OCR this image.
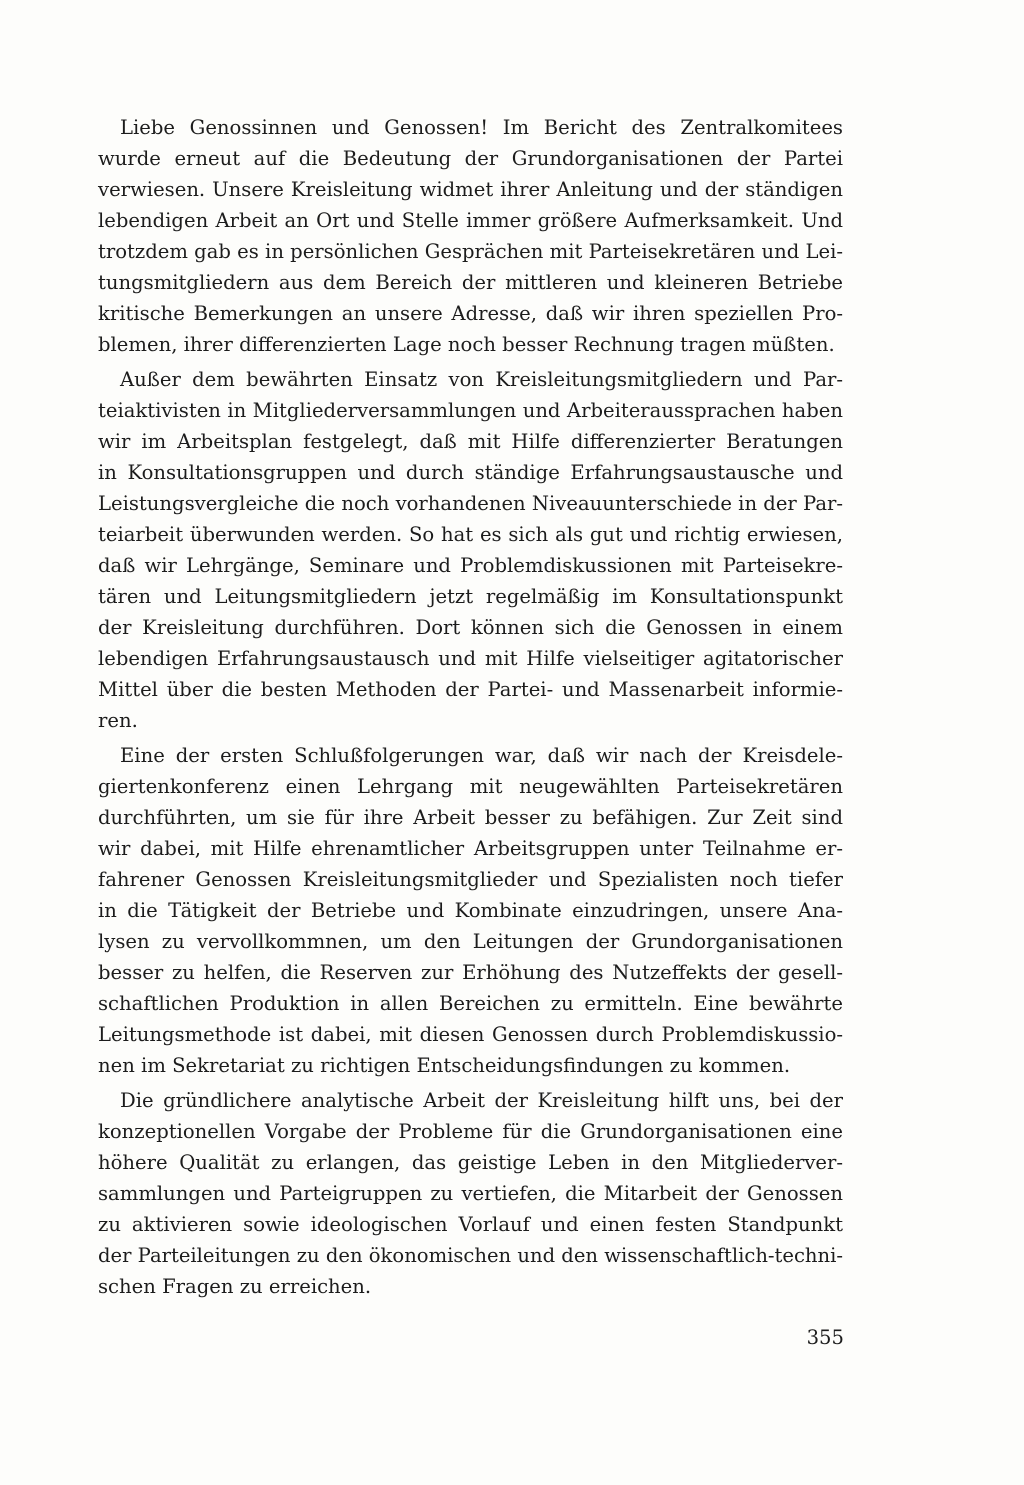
Liebe Genossinnen und Genossen! Im Bericht des Zentralkomitees
wurde erneut auf die Bedeutung der Grundorganisationen der Partei
verwiesen. Unsere Kreisleitung widmet ihrer Anleitung und der ständigen
lebendigen Arbeit an Ort und Stelle immer größere Aufmerksamkeit. Und
trotzdem gab es in persönlichen Gesprächen mit Parteisekretären und Lei-
tungsmitgliedern aus dem Bereich der mittleren und kleineren Betriebe
kritische Bemerkungen an unsere Adresse, daß wir ihren speziellen Pro-
blemen, ihrer differenzierten Lage noch besser Rechnung tragen müßten.
Außer dem bewährten Einsatz von Kreisleitungsmitgliedern und Par-
teiaktivisten in Mitgliederversammlungen und Arbeiteraussprachen haben
wir im Arbeitsplan festgelegt, daß mit Hilfe differenzierter Beratungen
in Konsultationsgruppen und durch ständige Erfahrungsaustausche und
Leistungsvergleiche die noch vorhandenen Niveauunterschiede in der Par-
teiarbeit überwunden werden. So hat es sich als gut und richtig erwiesen,
daß wir Lehrgänge, Seminare und Problemdiskussionen mit Parteisekre-
tären und Leitungsmitgliedern jetzt regelmäßig im Konsultationspunkt
der Kreisleitung durchführen. Dort können sich die Genossen in einem
lebendigen Erfahrungsaustausch und mit Hilfe vielseitiger agitatorischer
Mittel über die besten Methoden der Partei- und Massenarbeit informie-
ren.
Eine der ersten Schlußfolgerungen war, daß wir nach der Kreisdele-
giertenkonferenz einen Lehrgang mit neugewählten Parteisekretären
durchführten, um sie für ihre Arbeit besser zu befähigen. Zur Zeit sind
wir dabei, mit Hilfe ehrenamtlicher Arbeitsgruppen unter Teilnahme er-
fahrener Genossen Kreisleitungsmitglieder und Spezialisten noch tiefer
in die Tätigkeit der Betriebe und Kombinate einzudringen, unsere Ana-
lysen zu vervollkommnen, um den Leitungen der Grundorganisationen
besser zu helfen, die Reserven zur Erhöhung des Nutzeffekts der gesell-
schaftlichen Produktion in allen Bereichen zu ermitteln. Eine bewährte
Leitungsmethode ist dabei, mit diesen Genossen durch Problemdiskussio-
nen im Sekretariat zu richtigen Entscheidungsfindungen zu kommen.
Die gründlichere analytische Arbeit der Kreisleitung hilft uns, bei der
konzeptionellen Vorgabe der Probleme für die Grundorganisationen eine
höhere Qualität zu erlangen, das geistige Leben in den Mitgliederver-
sammlungen und Parteigruppen zu vertiefen, die Mitarbeit der Genossen
zu aktivieren sowie ideologischen Vorlauf und einen festen Standpunkt
der Parteileitungen zu den ökonomischen und den wissenschaftlich-techni-
schen Fragen zu erreichen.
355
